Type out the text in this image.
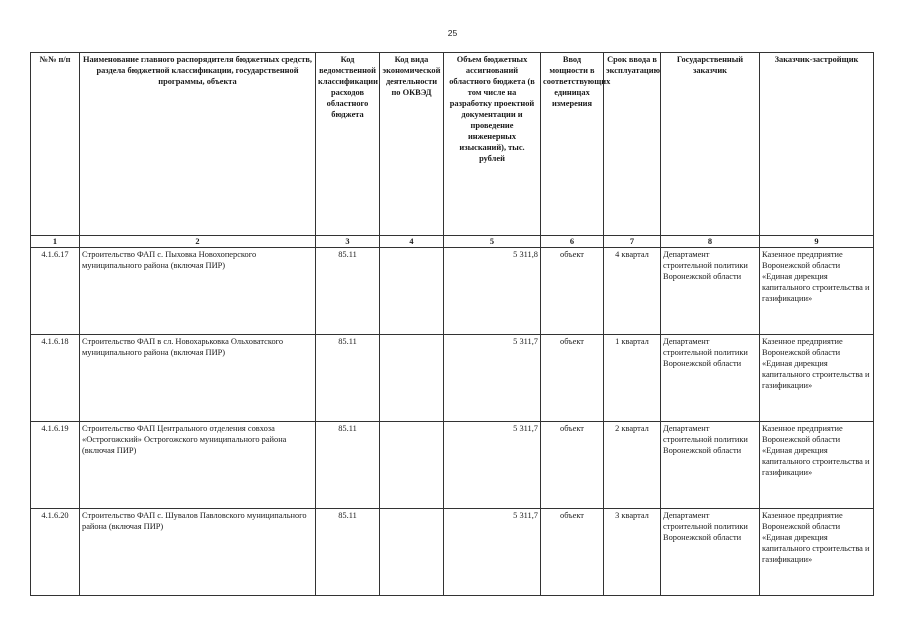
25
№№ п/п	Наименование главного распорядителя бюджетных средств, раздела бюджетной классификации, государственной программы, объекта	Код ведомственной классификации расходов областного бюджета	Код вида экономической деятельности по ОКВЭД	Объем бюджетных ассигнований областного бюджета (в том числе на разработку проектной документации и проведение инженерных изысканий), тыс. рублей	Ввод мощности в соответствующих единицах измерения	Срок ввода в эксплуатацию	Государственный заказчик	Заказчик-застройщик
1	2	3	4	5	6	7	8	9
4.1.6.17	Строительство ФАП с. Пыховка Новохоперского муниципального района (включая ПИР)	85.11		5 311,8	объект	4 квартал	Департамент строительной политики Воронежской области	Казенное предприятие Воронежской области «Единая дирекция капитального строительства и газификации»
4.1.6.18	Строительство ФАП в сл. Новохарьковка Ольховатского муниципального района (включая ПИР)	85.11		5 311,7	объект	1 квартал	Департамент строительной политики Воронежской области	Казенное предприятие Воронежской области «Единая дирекция капитального строительства и газификации»
4.1.6.19	Строительство ФАП Центрального отделения совхоза «Острогожский» Острогожского муниципального района (включая ПИР)	85.11		5 311,7	объект	2 квартал	Департамент строительной политики Воронежской области	Казенное предприятие Воронежской области «Единая дирекция капитального строительства и газификации»
4.1.6.20	Строительство ФАП с. Шувалов Павловского муниципального района (включая ПИР)	85.11		5 311,7	объект	3 квартал	Департамент строительной политики Воронежской области	Казенное предприятие Воронежской области «Единая дирекция капитального строительства и газификации»
